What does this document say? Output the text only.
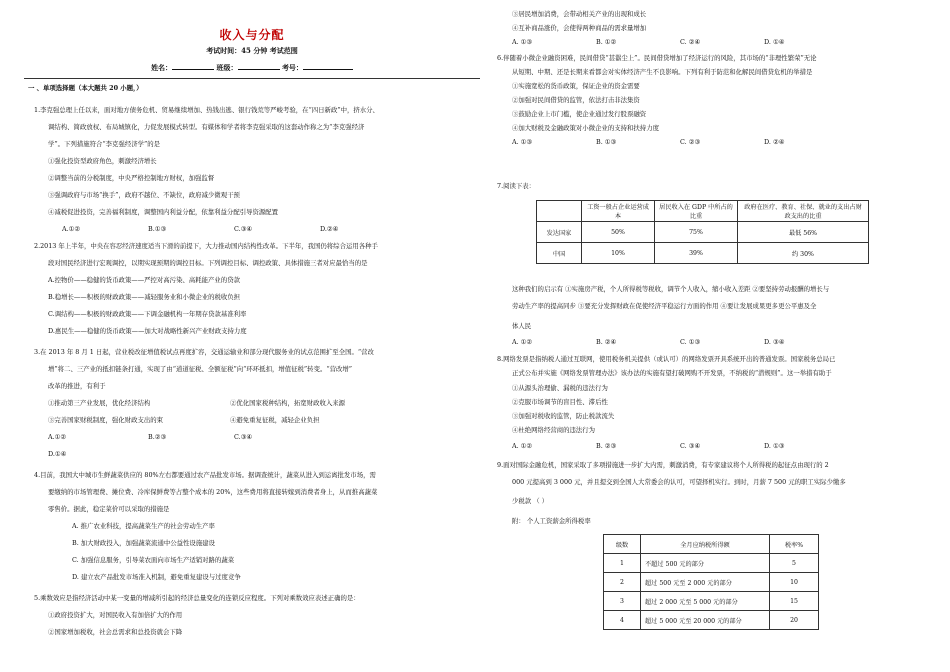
收入与分配
考试时间：45 分钟 考试范围
姓名：	班级：	考号：
一 、单项选择题（本大题共 20 小题，）
1.李克强总理上任以来，面对地方债务危机、贸易继续增加、热钱出逃、银行钱荒等严峻考验，在“四日新政”中，挤水分、
调结构、简政放权、布局城镇化，力促发展模式转型。有媒体和学者将李克强采取的这套动作称之为“李克强经济
学”。下列措施符合“李克强经济学”的是
①强化投资型政府角色，刺激经济增长
②调整当前的分税制度，中央严格控制地方财权，加强监督
③强调政府与市场“换手”，政府不越位、不缺位，政府减少微观干预
④减税促进投资，完善福利制度，调整国内利益分配，依靠利益分配引导资源配置
A.①②	B.①③	C.③④	D.②④
2.2013 年上半年，中央在容忍经济速度适当下滑的前提下，大力推动国内结构性改革。下半年，我国仍将综合运用各种手
段对国民经济进行宏观调控，以期实现预期的调控目标。下列调控目标、调控政策、具体措施三者对应最恰当的是
A.控物价——稳健的货币政策——严控对高污染、高耗能产业的贷款
B.稳增长——积极的财政政策——减轻服务业和小微企业的税收负担
C.调结构——积极的财政政策——下调金融机构一年期存贷款基准利率
D.惠民生——稳健的货币政策——加大对战略性新兴产业财政支持力度
3.在 2013 年 8 月 1 日起，营业税改征增值税试点再度扩容，交通运输业和部分现代服务业的试点范围扩至全国。“营改
增”将二、三产业的抵扣链条打通，实现了由“道道征税、全额征税”向“环环抵扣，增值征税”转变。“营改增”
改革的推进，有利于
①推动第三产业发展，优化经济结构	②优化国家税种结构，拓宽财政收入来源
③完善国家财税制度，强化财政支出的束	④避免重复征税，减轻企业负担
A.①②	B.②③	C.③④
D.①④
4.目前，我国大中城市生鲜蔬菜供应的 80%左右都要通过农产品批发市场。据调查统计，蔬菜从进入到运离批发市场，需
要缴纳的市场管理费、摊位费、冷库保鲜费等占整个成本的 20%，这些费用将直接转嫁到消费者身上，从而推高蔬菜
零售价。据此，稳定菜价可以采取的措施是
A. 推广农业科技，提高蔬菜生产的社会劳动生产率
B. 加大财政投入，加强蔬菜流通中公益性设施建设
C. 加强信息服务，引导菜农面向市场生产适销对路的蔬菜
D. 建立农产品批发市场准入机制，避免重复建设与过度竞争
5.乘数效应是指经济活动中某一变量的增减所引起的经济总量变化的连锁反应程度。下列对乘数效应表述正确的是：
①政府投资扩大，对国民收入有加倍扩大的作用
②国家增加税收，社会总需求和总投资就会下降
③居民增加消费，会带动相关产业的出现和成长
④互补商品涨价，会使得两种商品的需求量增加
A. ①③	B. ①②	C. ②④	D. ①④
6.伴随着小微企业融资困难，民间借贷“甚嚣尘上”。民间借贷增加了经济运行的风险，其市场的“非理性繁荣”无论
从短期、中期、还是长期来看都会对实体经济产生不良影响。下列有利于防范和化解民间借贷危机的举措是
①实施宽松的货币政策，保证企业的资金需要
②加强对民间借贷的监管，依法打击非法集资
③鼓励企业上市门槛，使企业通过发行股票融资
④加大财税及金融政策对小微企业的支持和扶持力度
A. ①③	B. ①③	C. ②③	D. ②④
7.阅读下表：
	工资一般占企业运营成本	居民收入在 GDP 中所占的比重	政府在医疗、教育、社保、就业的支出占财政支出的比重
发达国家	50%	75%	最低 56%
中国	10%	39%	约 30%
这种我们的启示有 ①实施房产税，个人所得税等税收，调节个人收入，缩小收入差距 ②要坚持劳动报酬的增长与
劳动生产率的提高同步 ③要充分发挥财政在促使经济平稳运行方面的作用 ④要让发展成果更多更公平惠及全
体人民
A. ①②	B. ②④	C. ①③	D. ③④
8.网络发票是指纳税人通过互联网，使用税务机关提供（或认可）的网络发票开具系统开出的普通发票。国家税务总局已
正式公布并实施《网络发票管理办法》该办法的实施有望打破网购不开发票，不纳税的“潜规则”。这一举措有助于
①从源头治理偷、漏税的违法行为
②克服市场调节的盲目性、滞后性
③加强对税收的监管，防止税款流失
④杜绝网络经营商的违法行为
A. ①②	B. ②③	C. ③④	D. ①③
9.面对国际金融危机，国家采取了多项措施进一步扩大内需，刺激消费，有专家建议将个人所得税的起征点由现行的 2
000 元提高到 3 000 元，并且提交到全国人大常委会的认可，可望择机实行。到时，月薪 7 500 元的职工实际少缴多
少税款 （ ）
附： 个人工资薪金所得税率
级数	全月应纳税所得额	税率%
1	不超过 500 元的部分	5
2	超过 500 元至 2 000 元的部分	10
3	超过 2 000 元至 5 000 元的部分	15
4	超过 5 000 元至 20 000 元的部分	20
